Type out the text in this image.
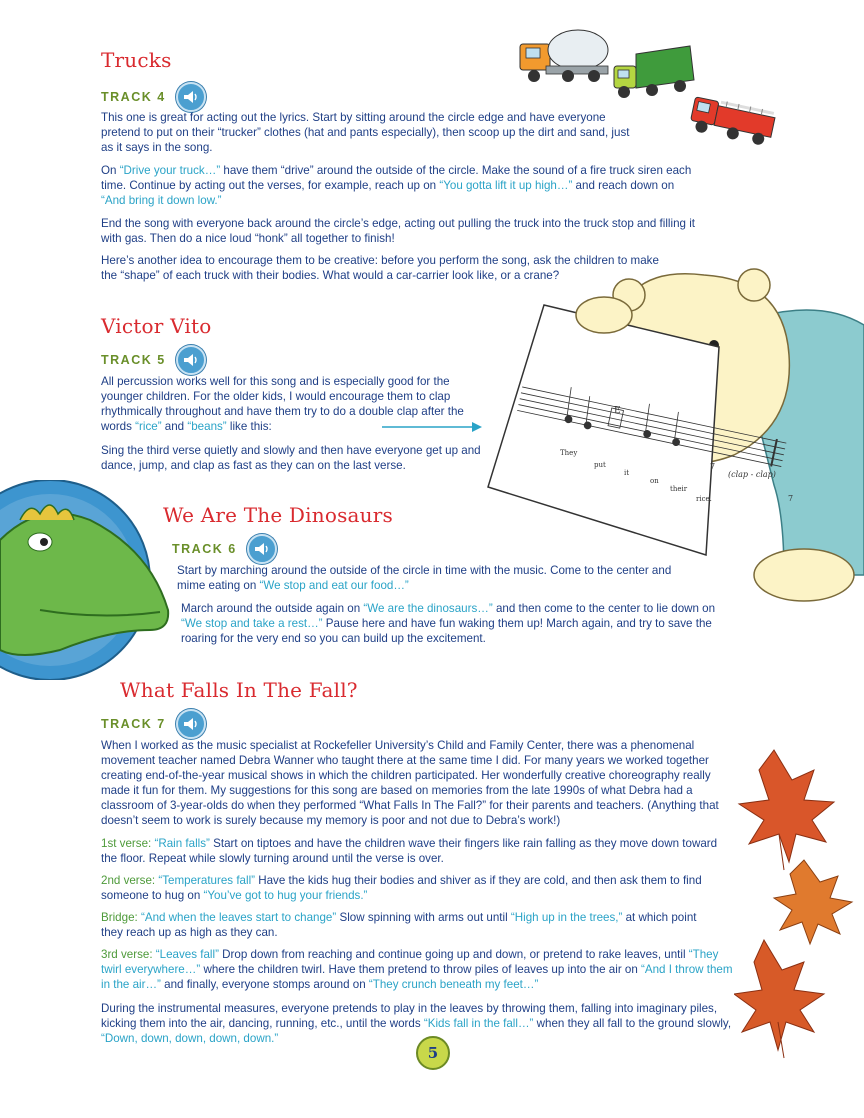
E
(clap - clap)
7
7
They
put
it
on
their
rice.
Trucks
TRACK 4
This one is great for acting out the lyrics. Start by sitting around the circle edge and have everyone pretend to put on their “trucker” clothes (hat and pants especially), then scoop up the dirt and sand, just as it says in the song.
On “Drive your truck…” have them “drive” around the outside of the circle. Make the sound of a fire truck siren each time. Continue by acting out the verses, for example, reach up on “You gotta lift it up high…” and reach down on “And bring it down low.”
End the song with everyone back around the circle’s edge, acting out pulling the truck into the truck stop and filling it with gas. Then do a nice loud “honk” all together to finish!
Here’s another idea to encourage them to be creative: before you perform the song, ask the children to make the “shape” of each truck with their bodies. What would a car-carrier look like, or a crane?
Victor Vito
TRACK 5
All percussion works well for this song and is especially good for the younger children. For the older kids, I would encourage them to clap rhythmically throughout and have them try to do a double clap after the words “rice” and “beans” like this:
Sing the third verse quietly and slowly and then have everyone get up and dance, jump, and clap as fast as they can on the last verse.
We Are The Dinosaurs
TRACK 6
Start by marching around the outside of the circle in time with the music. Come to the center and mime eating on “We stop and eat our food…”
March around the outside again on “We are the dinosaurs…” and then come to the center to lie down on “We stop and take a rest…” Pause here and have fun waking them up! March again, and try to save the roaring for the very end so you can build up the excitement.
What Falls In The Fall?
TRACK 7
When I worked as the music specialist at Rockefeller University’s Child and Family Center, there was a phenomenal movement teacher named Debra Wanner who taught there at the same time I did. For many years we worked together creating end-of-the-year musical shows in which the children participated. Her wonderfully creative choreography really made it fun for them. My suggestions for this song are based on memories from the late 1990s of what Debra had a classroom of 3-year-olds do when they performed “What Falls In The Fall?” for their parents and teachers. (Anything that doesn’t seem to work is surely because my memory is poor and not due to Debra’s work!)
1st verse: “Rain falls” Start on tiptoes and have the children wave their fingers like rain falling as they move down toward the floor. Repeat while slowly turning around until the verse is over.
2nd verse: “Temperatures fall” Have the kids hug their bodies and shiver as if they are cold, and then ask them to find someone to hug on “You’ve got to hug your friends.”
Bridge: “And when the leaves start to change” Slow spinning with arms out until “High up in the trees,” at which point they reach up as high as they can.
3rd verse: “Leaves fall” Drop down from reaching and continue going up and down, or pretend to rake leaves, until “They twirl everywhere…” where the children twirl. Have them pretend to throw piles of leaves up into the air on “And I throw them in the air…” and finally, everyone stomps around on “They crunch beneath my feet…”
During the instrumental measures, everyone pretends to play in the leaves by throwing them, falling into imaginary piles, kicking them into the air, dancing, running, etc., until the words “Kids fall in the fall…” when they all fall to the ground slowly, “Down, down, down, down, down.”
5
